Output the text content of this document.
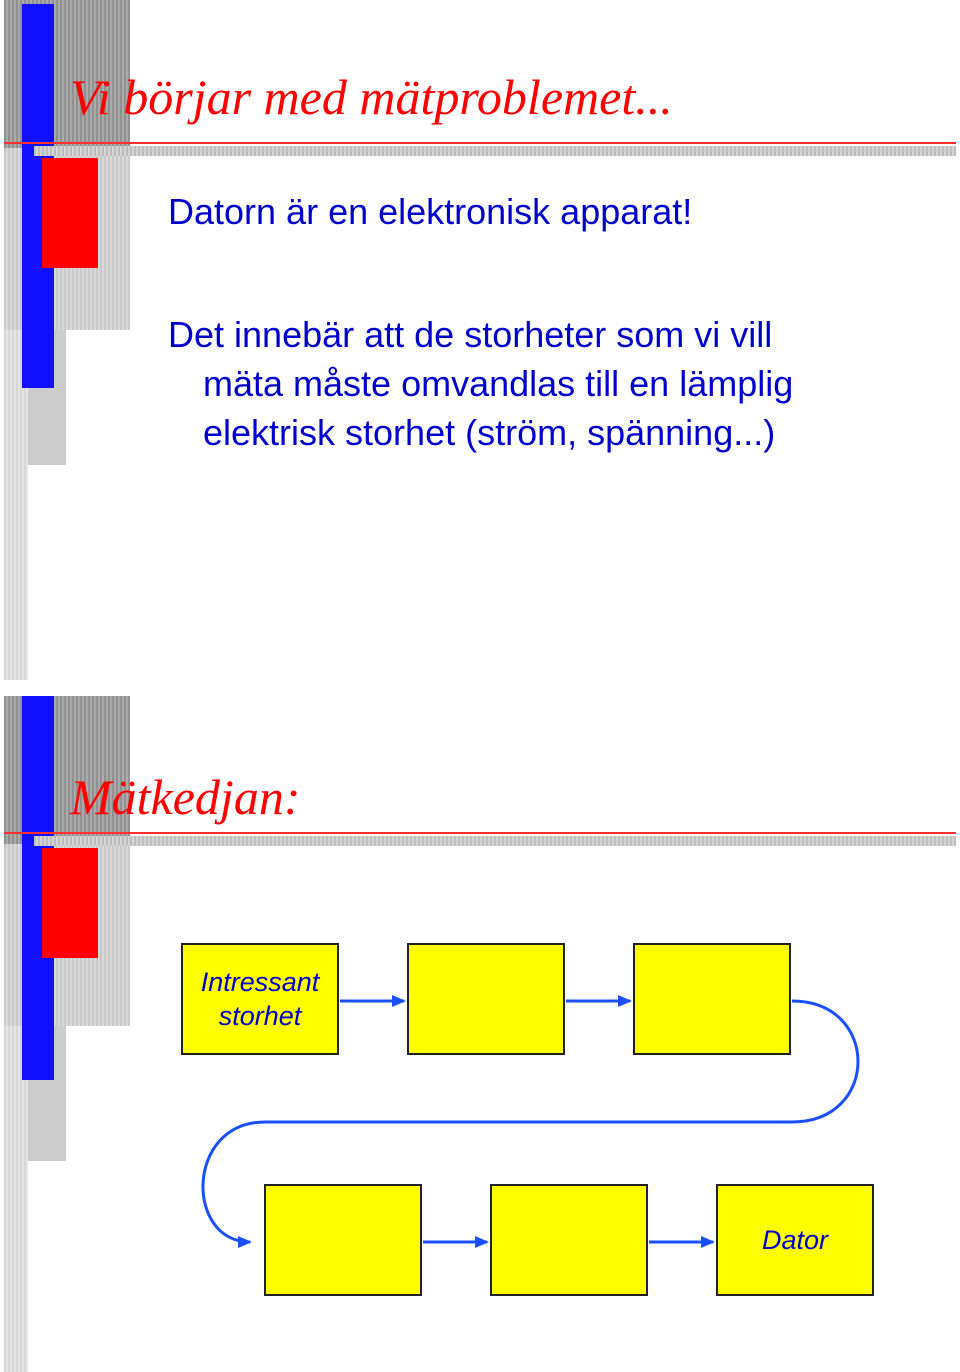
Vi börjar med mätproblemet...
Datorn är en elektronisk apparat!
Det innebär att de storheter som vi vill
mäta måste omvandlas till en lämplig
elektrisk storhet (ström, spänning...)
Mätkedjan:
Intressant
storhet
Dator
